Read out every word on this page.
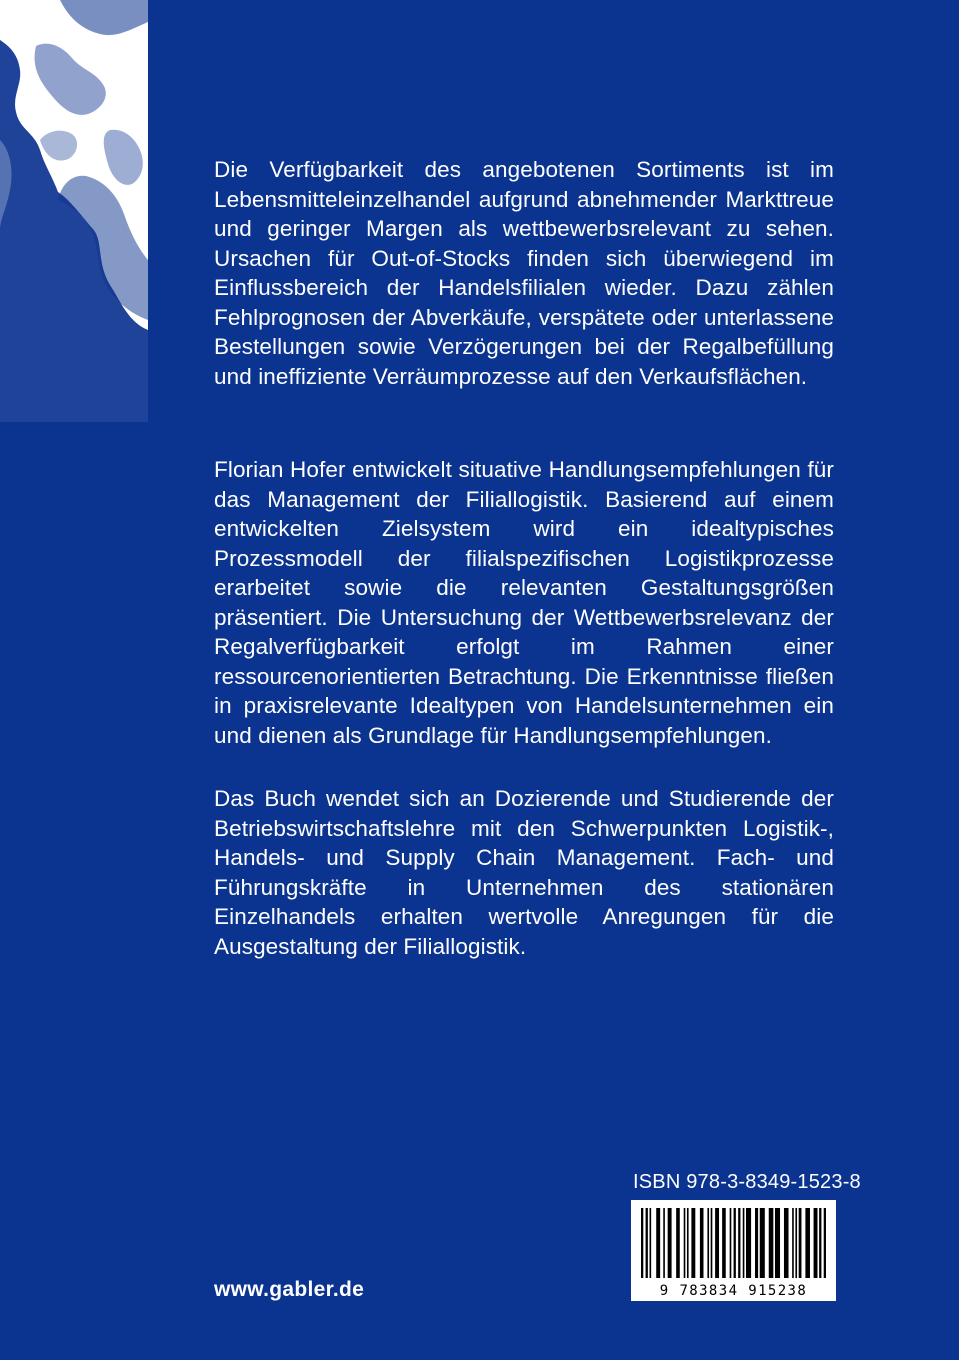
Die Verfügbarkeit des angebotenen Sortiments ist im Lebensmitteleinzelhandel aufgrund abnehmender Markttreue und geringer Margen als wettbewerbsrelevant zu sehen. Ursachen für Out-of-Stocks finden sich überwiegend im Einflussbereich der Handelsfilialen wieder. Dazu zählen Fehlprognosen der Abverkäufe, verspätete oder unterlassene Bestellungen sowie Verzögerungen bei der Regalbefüllung und ineffiziente Verräumprozesse auf den Verkaufsflächen.

Florian Hofer entwickelt situative Handlungsempfehlungen für das Management der Filiallogistik. Basierend auf einem entwickelten Zielsystem wird ein idealtypisches Prozessmodell der filialspezifischen Logistikprozesse erarbeitet sowie die relevanten Gestaltungsgrößen präsentiert. Die Untersuchung der Wettbewerbsrelevanz der Regalverfügbarkeit erfolgt im Rahmen einer ressourcenorientierten Betrachtung. Die Erkenntnisse fließen in praxisrelevante Idealtypen von Handelsunternehmen ein und dienen als Grundlage für Handlungsempfehlungen.

Das Buch wendet sich an Dozierende und Studierende der Betriebswirtschaftslehre mit den Schwerpunkten Logistik-, Handels- und Supply Chain Management. Fach- und Führungskräfte in Unternehmen des stationären Einzelhandels erhalten wertvolle Anregungen für die Ausgestaltung der Filiallogistik.

ISBN 978-3-8349-1523-8
9 783834 915238
www.gabler.de
